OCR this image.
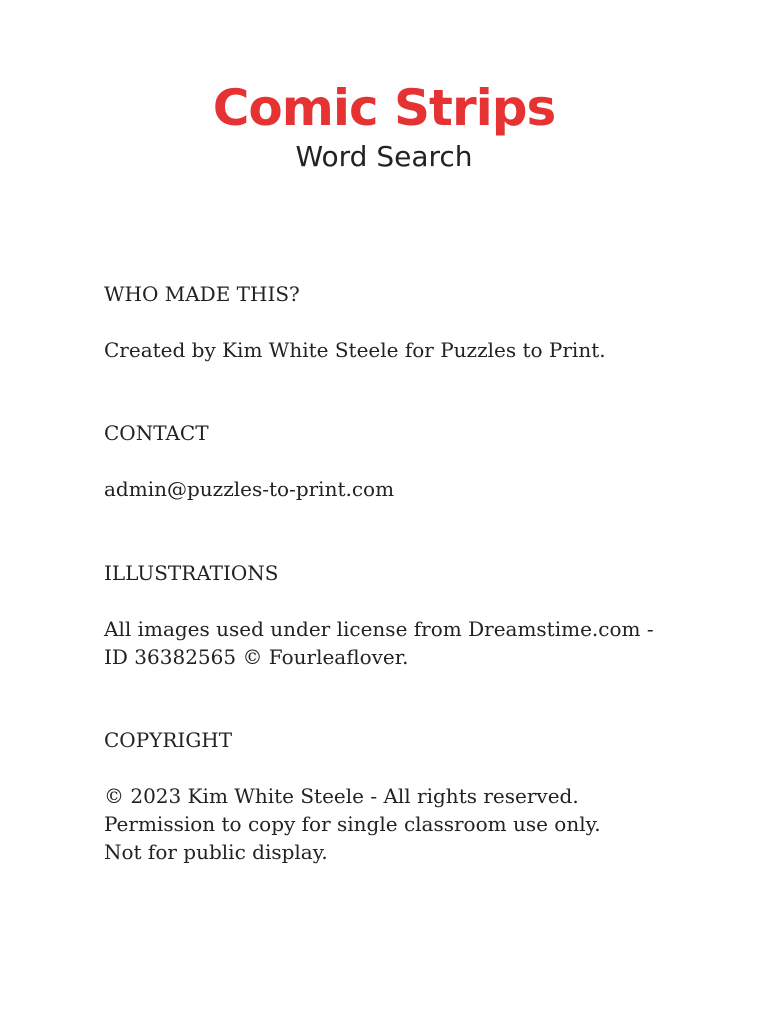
Comic Strips
Word Search

WHO MADE THIS?

Created by Kim White Steele for Puzzles to Print.

CONTACT

admin@puzzles-to-print.com

ILLUSTRATIONS

All images used under license from Dreamstime.com -

ID 36382565 © Fourleaflover.

COPYRIGHT

© 2023 Kim White Steele - All rights reserved.

Permission to copy for single classroom use only.

Not for public display.
